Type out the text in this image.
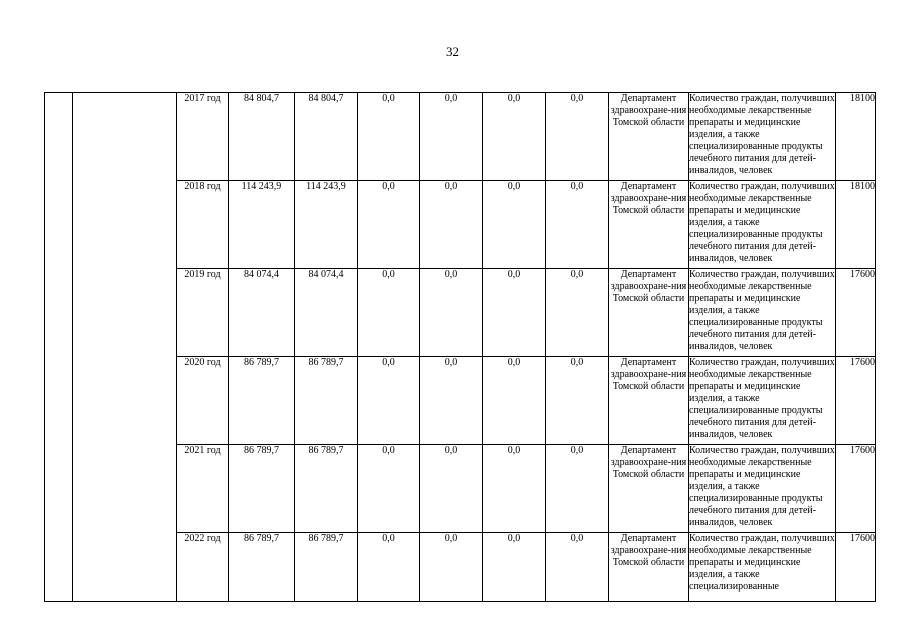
32

		2017 год	84 804,7	84 804,7	0,0	0,0	0,0	0,0	Департамент здравоохране-ния Томской области	Количество граждан, получивших необходимые лекарственные препараты и медицинские изделия, а также специализированные продукты лечебного питания для детей-инвалидов, человек	18100

		2018 год	114 243,9	114 243,9	0,0	0,0	0,0	0,0	Департамент здравоохране-ния Томской области	Количество граждан, получивших необходимые лекарственные препараты и медицинские изделия, а также специализированные продукты лечебного питания для детей-инвалидов, человек	18100

		2019 год	84 074,4	84 074,4	0,0	0,0	0,0	0,0	Департамент здравоохране-ния Томской области	Количество граждан, получивших необходимые лекарственные препараты и медицинские изделия, а также специализированные продукты лечебного питания для детей-инвалидов, человек	17600

		2020 год	86 789,7	86 789,7	0,0	0,0	0,0	0,0	Департамент здравоохране-ния Томской области	Количество граждан, получивших необходимые лекарственные препараты и медицинские изделия, а также специализированные продукты лечебного питания для детей-инвалидов, человек	17600

		2021 год	86 789,7	86 789,7	0,0	0,0	0,0	0,0	Департамент здравоохране-ния Томской области	Количество граждан, получивших необходимые лекарственные препараты и медицинские изделия, а также специализированные продукты лечебного питания для детей-инвалидов, человек	17600

		2022 год	86 789,7	86 789,7	0,0	0,0	0,0	0,0	Департамент здравоохране-ния Томской области	Количество граждан, получивших необходимые лекарственные препараты и медицинские изделия, а также специализированные	17600
